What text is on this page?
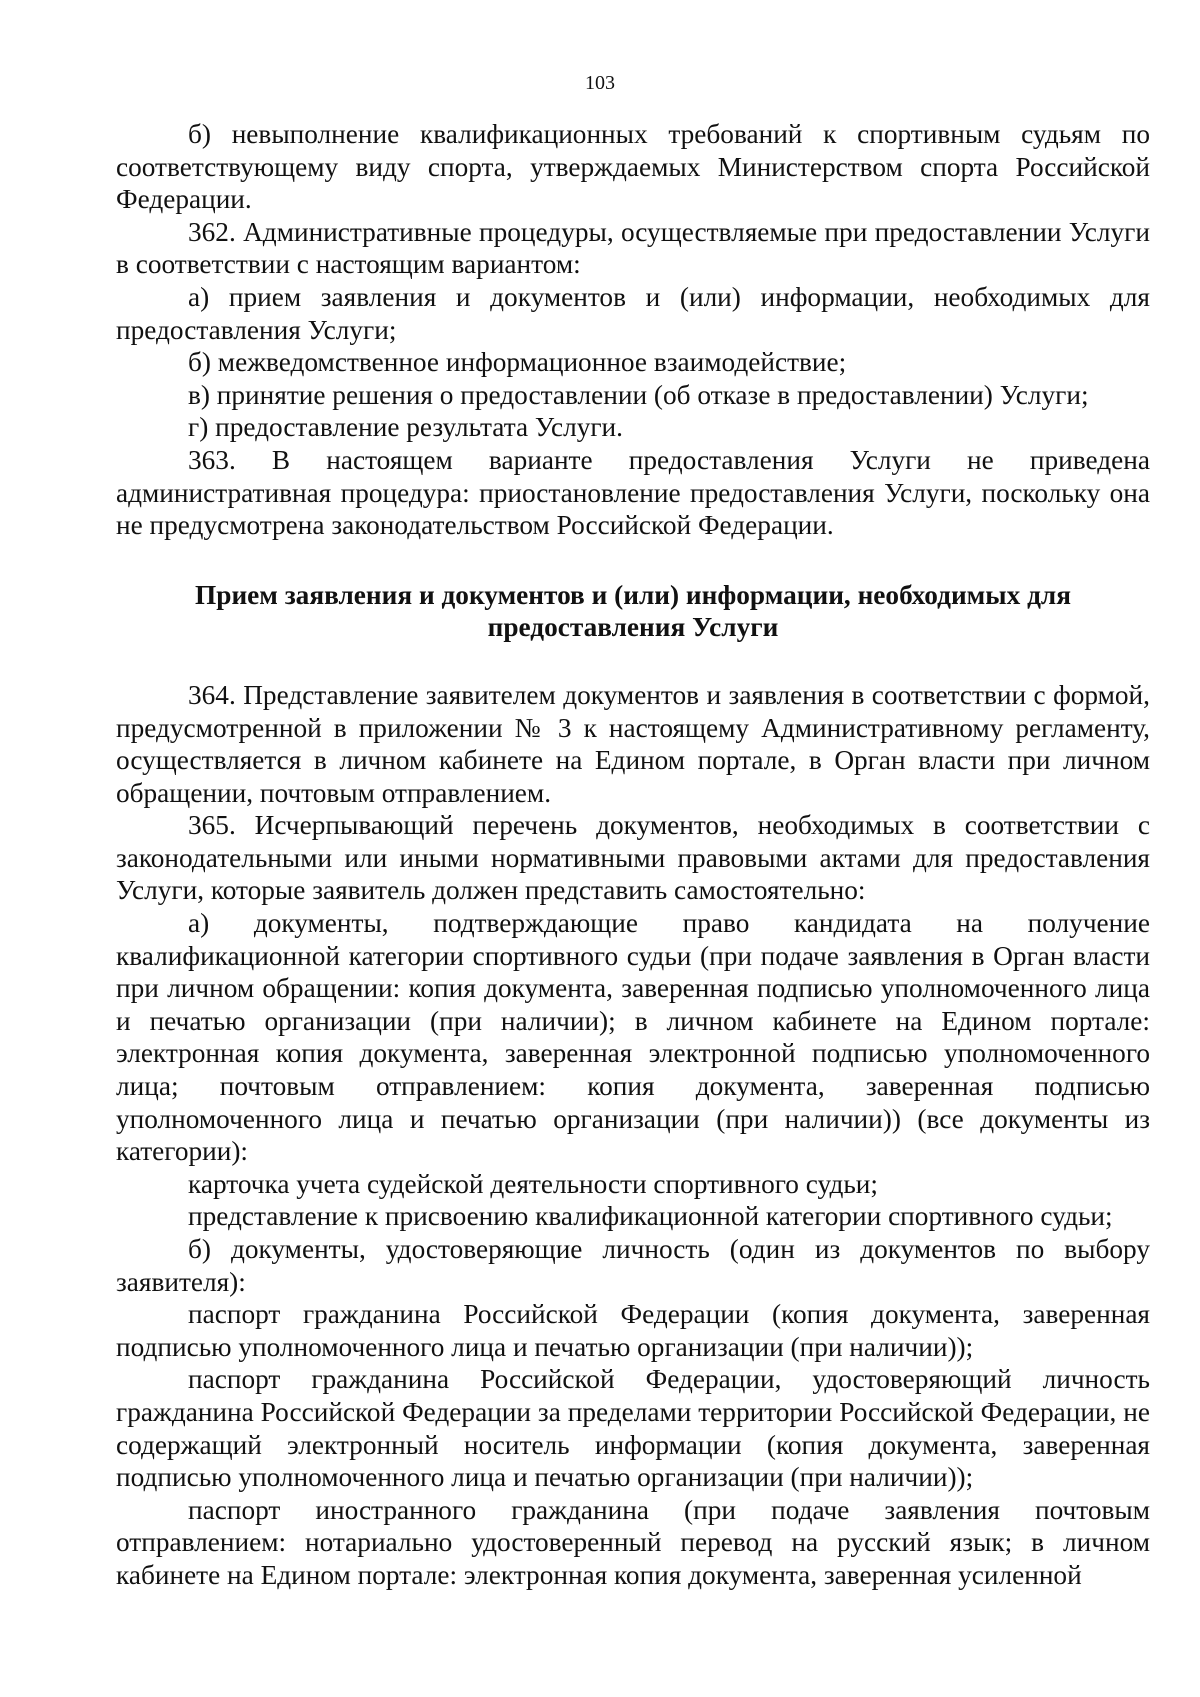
103

б) невыполнение квалификационных требований к спортивным судьям по соответствующему виду спорта, утверждаемых Министерством спорта Российской Федерации.

362. Административные процедуры, осуществляемые при предоставлении Услуги в соответствии с настоящим вариантом:

а) прием заявления и документов и (или) информации, необходимых для предоставления Услуги;

б) межведомственное информационное взаимодействие;

в) принятие решения о предоставлении (об отказе в предоставлении) Услуги;

г) предоставление результата Услуги.

363. В настоящем варианте предоставления Услуги не приведена административная процедура: приостановление предоставления Услуги, поскольку она не предусмотрена законодательством Российской Федерации.

Прием заявления и документов и (или) информации, необходимых для предоставления Услуги

364. Представление заявителем документов и заявления в соответствии с формой, предусмотренной в приложении № 3 к настоящему Административному регламенту, осуществляется в личном кабинете на Едином портале, в Орган власти при личном обращении, почтовым отправлением.

365. Исчерпывающий перечень документов, необходимых в соответствии с законодательными или иными нормативными правовыми актами для предоставления Услуги, которые заявитель должен представить самостоятельно:

а) документы, подтверждающие право кандидата на получение квалификационной категории спортивного судьи (при подаче заявления в Орган власти при личном обращении: копия документа, заверенная подписью уполномоченного лица и печатью организации (при наличии); в личном кабинете на Едином портале: электронная копия документа, заверенная электронной подписью уполномоченного лица; почтовым отправлением: копия документа, заверенная подписью уполномоченного лица и печатью организации (при наличии)) (все документы из категории):

карточка учета судейской деятельности спортивного судьи;

представление к присвоению квалификационной категории спортивного судьи;

б) документы, удостоверяющие личность (один из документов по выбору заявителя):

паспорт гражданина Российской Федерации (копия документа, заверенная подписью уполномоченного лица и печатью организации (при наличии));

паспорт гражданина Российской Федерации, удостоверяющий личность гражданина Российской Федерации за пределами территории Российской Федерации, не содержащий электронный носитель информации (копия документа, заверенная подписью уполномоченного лица и печатью организации (при наличии));

паспорт иностранного гражданина (при подаче заявления почтовым отправлением: нотариально удостоверенный перевод на русский язык; в личном кабинете на Едином портале: электронная копия документа, заверенная усиленной
